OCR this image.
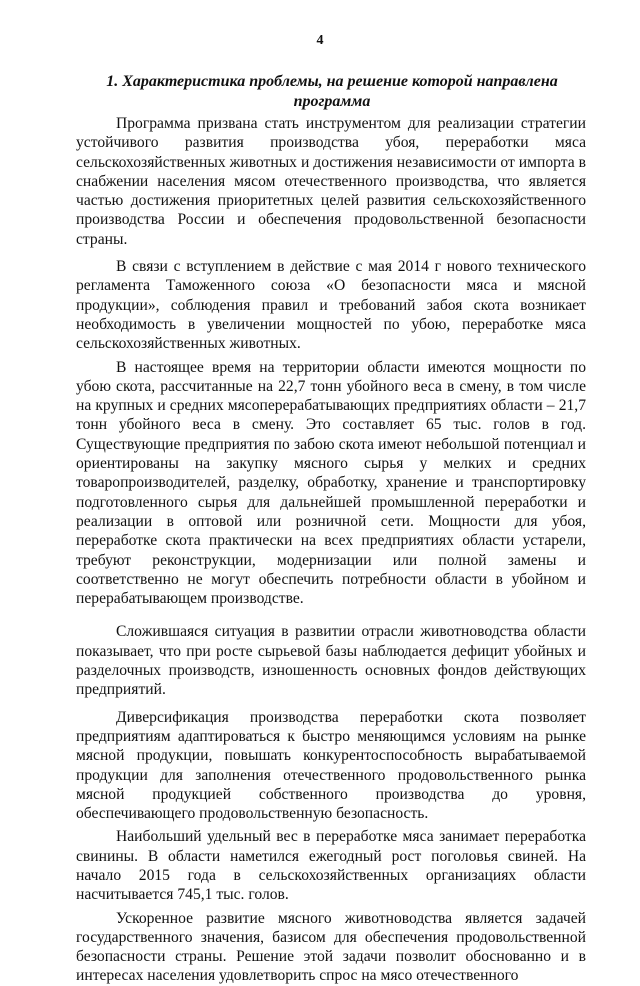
4
1. Характеристика проблемы, на решение которой направлена программа

Программа призвана стать инструментом для реализации стратегии устойчивого развития производства убоя, переработки мяса сельскохозяйственных животных и достижения независимости от импорта в снабжении населения мясом отечественного производства, что является частью достижения приоритетных целей развития сельскохозяйственного производства России и обеспечения продовольственной безопасности страны.

В связи с вступлением в действие с мая 2014 г нового технического регламента Таможенного союза «О безопасности мяса и мясной продукции», соблюдения правил и требований забоя скота возникает необходимость в увеличении мощностей по убою, переработке мяса сельскохозяйственных животных.

В настоящее время на территории области имеются мощности по убою скота, рассчитанные на 22,7 тонн убойного веса в смену, в том числе на крупных и средних мясоперерабатывающих предприятиях области – 21,7 тонн убойного веса в смену. Это составляет 65 тыс. голов в год. Существующие предприятия по забою скота имеют небольшой потенциал и ориентированы на закупку мясного сырья у мелких и средних товаропроизводителей, разделку, обработку, хранение и транспортировку подготовленного сырья для дальнейшей промышленной переработки и реализации в оптовой или розничной сети. Мощности для убоя, переработке скота практически на всех предприятиях области устарели, требуют реконструкции, модернизации или полной замены и соответственно не могут обеспечить потребности области в убойном и перерабатывающем производстве.

Сложившаяся ситуация в развитии отрасли животноводства области показывает, что при росте сырьевой базы наблюдается дефицит убойных и разделочных производств, изношенность основных фондов действующих предприятий.

Диверсификация производства переработки скота позволяет предприятиям адаптироваться к быстро меняющимся условиям на рынке мясной продукции, повышать конкурентоспособность вырабатываемой продукции для заполнения отечественного продовольственного рынка мясной продукцией собственного производства до уровня, обеспечивающего продовольственную безопасность.

Наибольший удельный вес в переработке мяса занимает переработка свинины. В области наметился ежегодный рост поголовья свиней. На начало 2015 года в сельскохозяйственных организациях области насчитывается 745,1 тыс. голов.

Ускоренное развитие мясного животноводства является задачей государственного значения, базисом для обеспечения продовольственной безопасности страны. Решение этой задачи позволит обоснованно и в интересах населения удовлетворить спрос на мясо отечественного
